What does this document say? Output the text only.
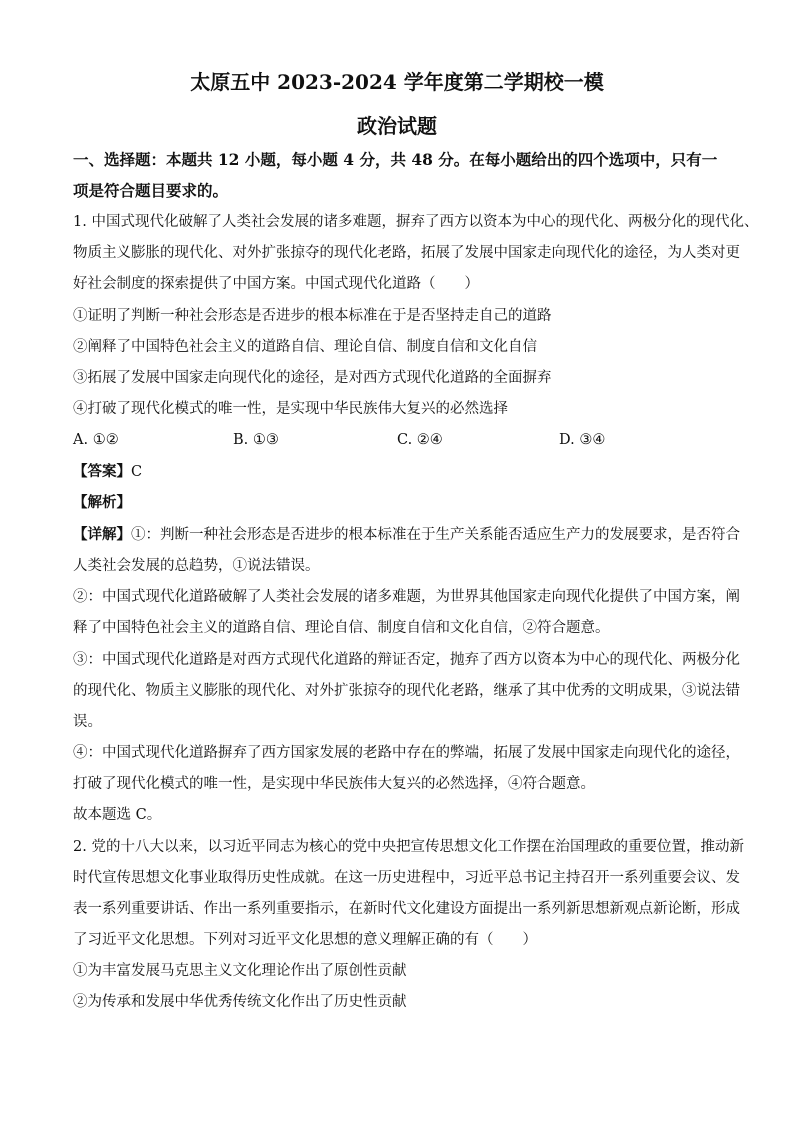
太原五中 2023-2024 学年度第二学期校一模
政治试题
一、选择题：本题共 12 小题，每小题 4 分，共 48 分。在每小题给出的四个选项中，只有一
项是符合题目要求的。
1. 中国式现代化破解了人类社会发展的诸多难题，摒弃了西方以资本为中心的现代化、两极分化的现代化、
物质主义膨胀的现代化、对外扩张掠夺的现代化老路，拓展了发展中国家走向现代化的途径，为人类对更
好社会制度的探索提供了中国方案。中国式现代化道路（　　）
①证明了判断一种社会形态是否进步的根本标准在于是否坚持走自己的道路
②阐释了中国特色社会主义的道路自信、理论自信、制度自信和文化自信
③拓展了发展中国家走向现代化的途径，是对西方式现代化道路的全面摒弃
④打破了现代化模式的唯一性，是实现中华民族伟大复兴的必然选择
A. ①②	B. ①③	C. ②④	D. ③④
【答案】C
【解析】
【详解】①：判断一种社会形态是否进步的根本标准在于生产关系能否适应生产力的发展要求，是否符合
人类社会发展的总趋势，①说法错误。
②：中国式现代化道路破解了人类社会发展的诸多难题，为世界其他国家走向现代化提供了中国方案，阐
释了中国特色社会主义的道路自信、理论自信、制度自信和文化自信，②符合题意。
③：中国式现代化道路是对西方式现代化道路的辩证否定，抛弃了西方以资本为中心的现代化、两极分化
的现代化、物质主义膨胀的现代化、对外扩张掠夺的现代化老路，继承了其中优秀的文明成果，③说法错
误。
④：中国式现代化道路摒弃了西方国家发展的老路中存在的弊端，拓展了发展中国家走向现代化的途径，
打破了现代化模式的唯一性，是实现中华民族伟大复兴的必然选择，④符合题意。
故本题选 C。
2. 党的十八大以来，以习近平同志为核心的党中央把宣传思想文化工作摆在治国理政的重要位置，推动新
时代宣传思想文化事业取得历史性成就。在这一历史进程中，习近平总书记主持召开一系列重要会议、发
表一系列重要讲话、作出一系列重要指示，在新时代文化建设方面提出一系列新思想新观点新论断，形成
了习近平文化思想。下列对习近平文化思想的意义理解正确的有（　　）
①为丰富发展马克思主义文化理论作出了原创性贡献
②为传承和发展中华优秀传统文化作出了历史性贡献
